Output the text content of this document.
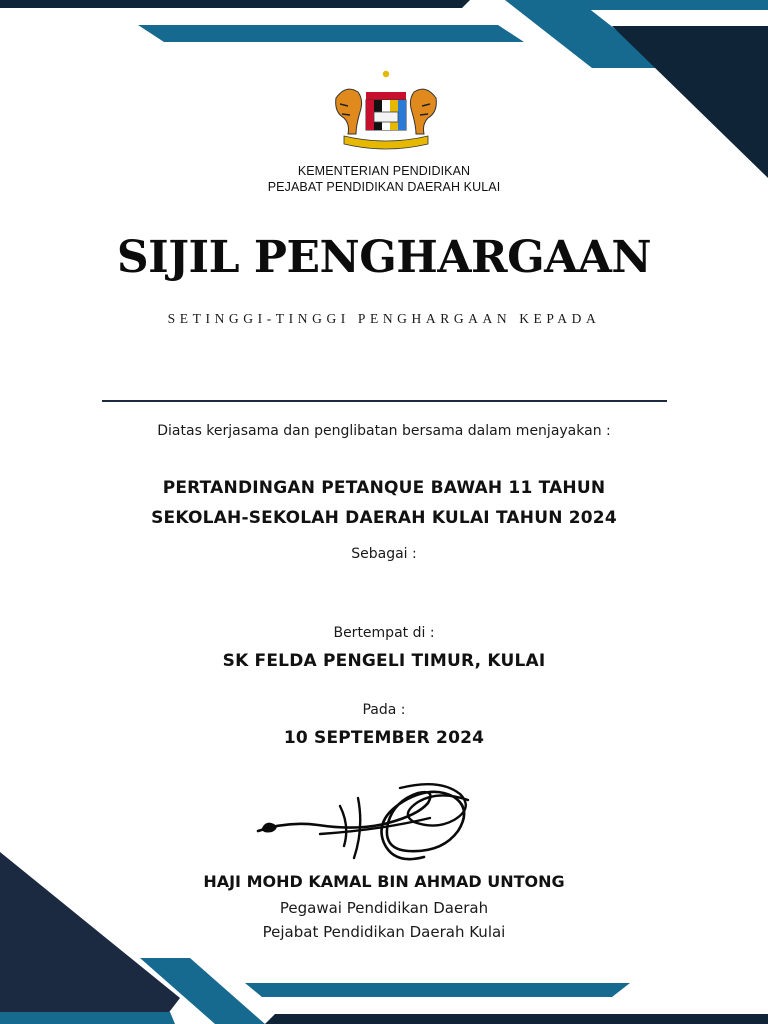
KEMENTERIAN PENDIDIKAN
PEJABAT PENDIDIKAN DAERAH KULAI
SIJIL PENGHARGAAN
SETINGGI-TINGGI PENGHARGAAN KEPADA
Diatas kerjasama dan penglibatan bersama dalam menjayakan :
PERTANDINGAN PETANQUE BAWAH 11 TAHUN
SEKOLAH-SEKOLAH DAERAH KULAI TAHUN 2024
Sebagai :
Bertempat di :
SK FELDA PENGELI TIMUR, KULAI
Pada :
10 SEPTEMBER 2024
HAJI MOHD KAMAL BIN AHMAD UNTONG
Pegawai Pendidikan Daerah
Pejabat Pendidikan Daerah Kulai
